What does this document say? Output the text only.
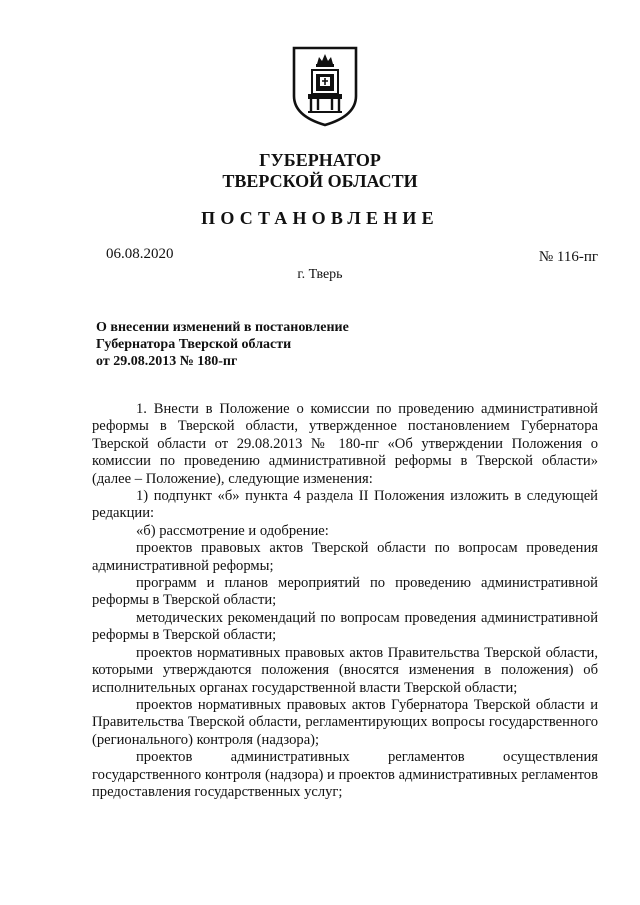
ГУБЕРНАТОР
ТВЕРСКОЙ ОБЛАСТИ
ПОСТАНОВЛЕНИЕ
06.08.2020	№ 116-пг
г. Тверь
О внесении изменений в постановление
Губернатора Тверской области
от 29.08.2013 № 180-пг

1. Внести в Положение о комиссии по проведению административной реформы в Тверской области, утвержденное постановлением Губернатора Тверской области от 29.08.2013 № 180-пг «Об утверждении Положения о комиссии по проведению административной реформы в Тверской области» (далее – Положение), следующие изменения:

1) подпункт «б» пункта 4 раздела II Положения изложить в следующей редакции:

«б) рассмотрение и одобрение:

проектов правовых актов Тверской области по вопросам проведения административной реформы;

программ и планов мероприятий по проведению административной реформы в Тверской области;

методических рекомендаций по вопросам проведения административной реформы в Тверской области;

проектов нормативных правовых актов Правительства Тверской области, которыми утверждаются положения (вносятся изменения в положения) об исполнительных органах государственной власти Тверской области;

проектов нормативных правовых актов Губернатора Тверской области и Правительства Тверской области, регламентирующих вопросы государственного (регионального) контроля (надзора);

проектов административных регламентов осуществления государственного контроля (надзора) и проектов административных регламентов предоставления государственных услуг;
